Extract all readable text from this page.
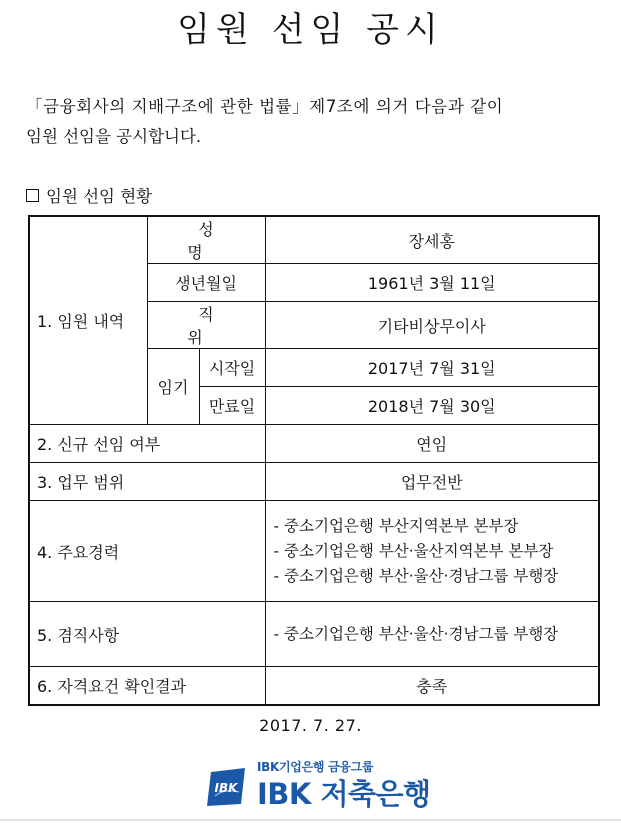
임원 선임 공시
「금융회사의 지배구조에 관한 법률」제7조에 의거 다음과 같이
임원 선임을 공시합니다.
임원 선임 현황
1. 임원 내역	성 명		장세홍
	생년월일		1961년 3월 11일
	직 위		기타비상무이사
	임기	시작일	2017년 7월 31일
		만료일	2018년 7월 30일
2. 신규 선임 여부			연임
3. 업무 범위			업무전반
4. 주요경력			- 중소기업은행 부산지역본부 본부장
- 중소기업은행 부산·울산지역본부 본부장
- 중소기업은행 부산·울산·경남그룹 부행장

5. 겸직사항			- 중소기업은행 부산·울산·경남그룹 부행장
6. 자격요건 확인결과			충족
2017. 7. 27.
IBK
IBK기업은행 금융그룹
IBK 저축은행
